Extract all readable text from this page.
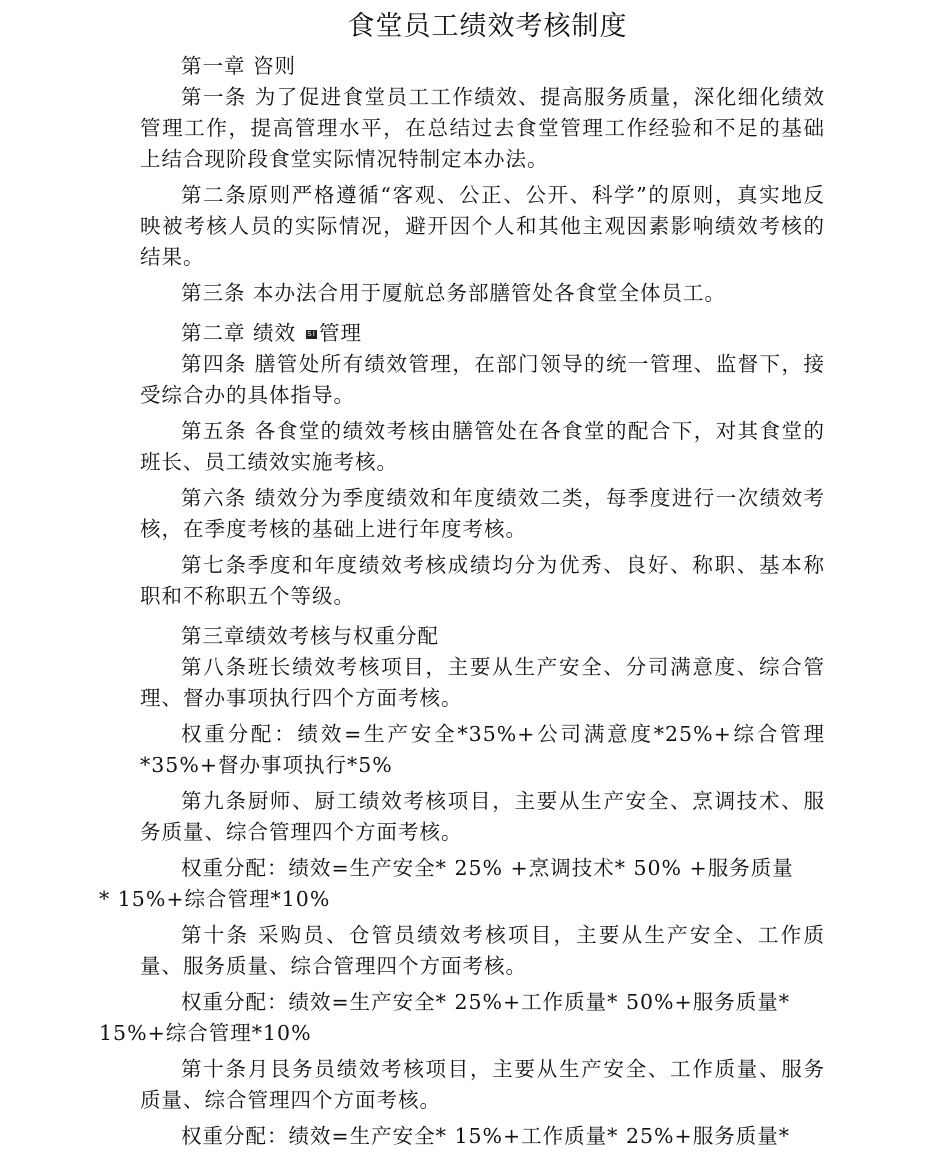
食堂员工绩效考核制度

第一章 咨则

第一条 为了促进食堂员工工作绩效、提高服务质量，深化细化绩效管理工作，提高管理水平，在总结过去食堂管理工作经验和不足的基础上结合现阶段食堂实际情况特制定本办法。

第二条原则严格遵循“客观、公正、公开、科学”的原则，真实地反映被考核人员的实际情况，避开因个人和其他主观因素影响绩效考核的结果。

第三条 本办法合用于厦航总务部膳管处各食堂全体员工。

第二章 绩效 SI 管理

第四条 膳管处所有绩效管理，在部门领导的统一管理、监督下，接受综合办的具体指导。

第五条 各食堂的绩效考核由膳管处在各食堂的配合下，对其食堂的班长、员工绩效实施考核。

第六条 绩效分为季度绩效和年度绩效二类，每季度进行一次绩效考核，在季度考核的基础上进行年度考核。

第七条季度和年度绩效考核成绩均分为优秀、良好、称职、基本称职和不称职五个等级。

第三章绩效考核与权重分配

第八条班长绩效考核项目，主要从生产安全、分司满意度、综合管理、督办事项执行四个方面考核。

权重分配：绩效=生产安全*35%+公司满意度*25%+综合管理*35%+督办事项执行*5%

第九条厨师、厨工绩效考核项目，主要从生产安全、烹调技术、服务质量、综合管理四个方面考核。

权重分配：绩效=生产安全* 25% +烹调技术* 50% +服务质量
* 15%+综合管理*10%

第十条 采购员、仓管员绩效考核项目，主要从生产安全、工作质量、服务质量、综合管理四个方面考核。

权重分配：绩效=生产安全* 25%+工作质量* 50%+服务质量*
15%+综合管理*10%

第十条月艮务员绩效考核项目，主要从生产安全、工作质量、服务质量、综合管理四个方面考核。

权重分配：绩效=生产安全* 15%+工作质量* 25%+服务质量*
